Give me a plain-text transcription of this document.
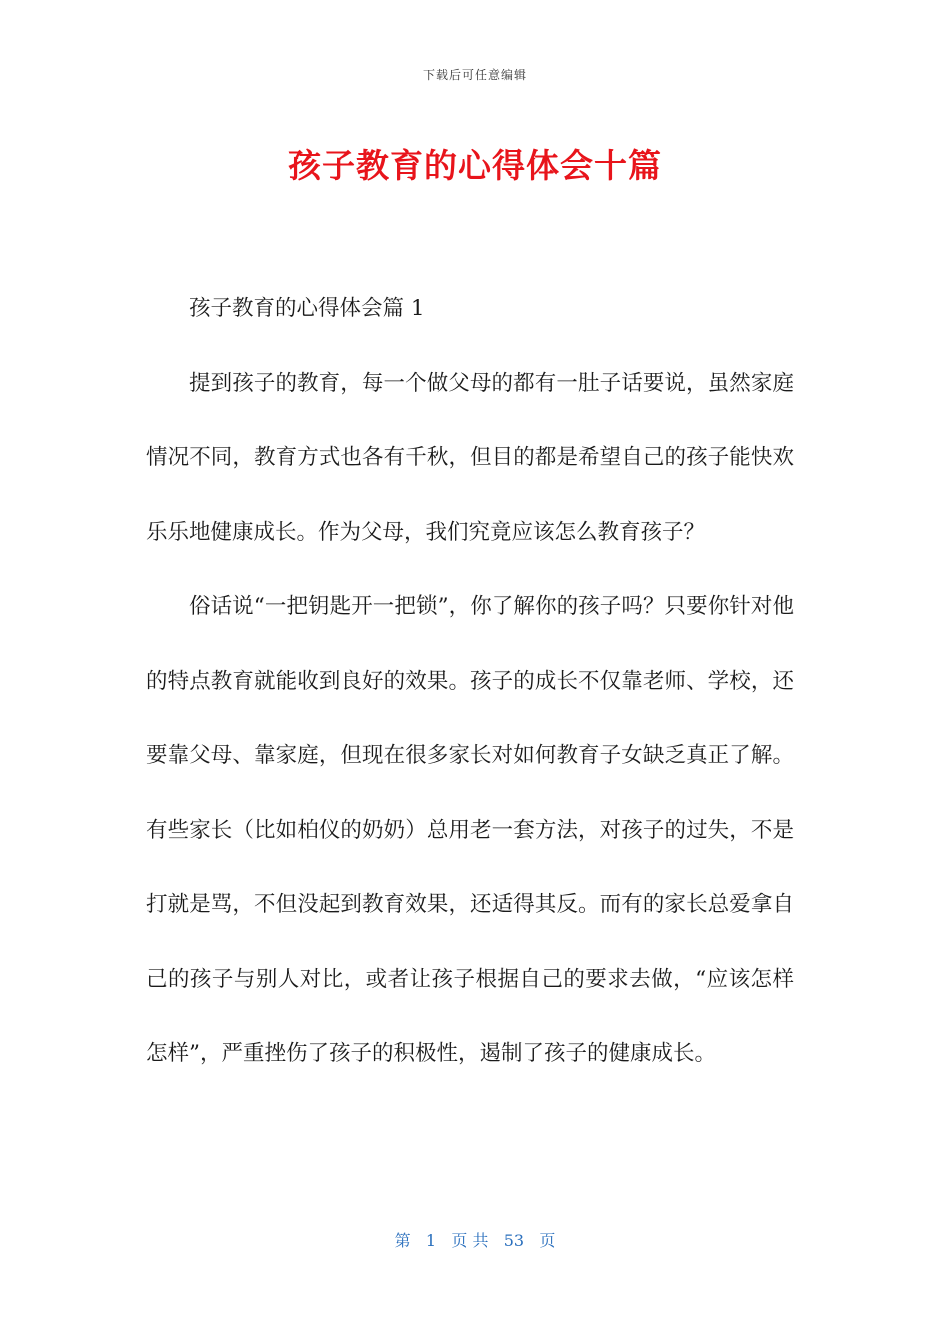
下载后可任意编辑
孩子教育的心得体会十篇

孩子教育的心得体会篇 1

提到孩子的教育，每一个做父母的都有一肚子话要说，虽然家庭情况不同，教育方式也各有千秋，但目的都是希望自己的孩子能快欢乐乐地健康成长。作为父母，我们究竟应该怎么教育孩子？

俗话说“一把钥匙开一把锁”，你了解你的孩子吗？只要你针对他的特点教育就能收到良好的效果。孩子的成长不仅靠老师、学校，还要靠父母、靠家庭，但现在很多家长对如何教育子女缺乏真正了解。有些家长（比如柏仪的奶奶）总用老一套方法，对孩子的过失，不是打就是骂，不但没起到教育效果，还适得其反。而有的家长总爱拿自己的孩子与别人对比，或者让孩子根据自己的要求去做，“应该怎样怎样”，严重挫伤了孩子的积极性，遏制了孩子的健康成长。

第   1   页 共   53   页
